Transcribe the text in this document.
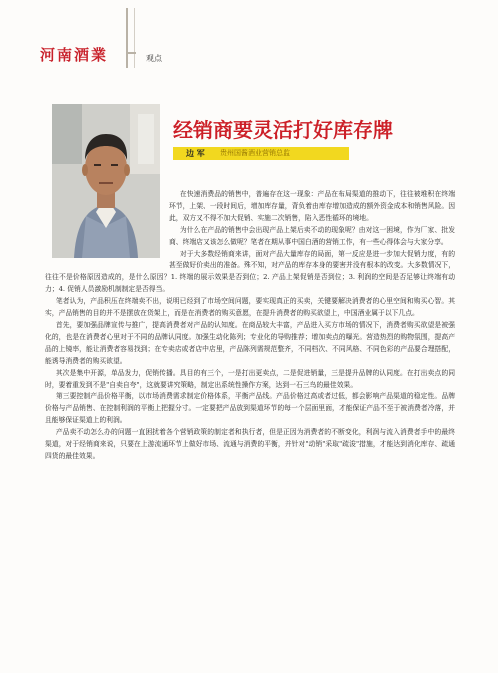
河南酒業	观点
经销商要灵活打好库存牌
边 军 贵州国酱酒业营销总监

在快速消费品的销售中，普遍存在这一现象：产品在布局渠道的推动下，往往被堆积在终端环节，上架、一段时间后，增加库存量，背负着由库存增加造成的额外资金成本和销售风险。因此，双方又不得不加大促销、实施二次销售，陷入恶性循环的境地。

为什么在产品的销售中会出现产品上架后卖不动的现象呢？由对这一困境，作为厂家、批发商、终端店又该怎么做呢？笔者在期从事中国白酒的营销工作，有一些心得体会与大家分享。

对于大多数经销商来讲，面对产品大量库存的局面，第一反应是进一步加大促销力度，有的甚至做好价卖出的准备。殊不知，对产品的库存本身的要害并没有根本的改变。大多数情况下，往往不是价格原因造成的，是什么原因？1. 终端的展示效果是否到位；2. 产品上架促销是否到位；3. 利润的空间是否足够让终端有动力；4. 促销人员激励机制制定是否得当。

笔者认为，产品积压在终端卖不出，说明已经到了市场空间问题，要实现真正的买卖，关键要解决消费者的心里空间和购买心智。其实，产品销售的目的并不是摆放在货架上，而是在消费者的购买意愿，在提升消费者的购买欲望上，中国酒业属于以下几点。

首先，要加强品牌宣传与推广，提高消费者对产品的认知度。在商品较大丰富，产品进入买方市场的情况下，消费者购买欲望是被强化的，也是在消费者心里对于不同的品牌认同度。加强生动化陈列；专业化的导购推荐；增加卖点的曝光。营造热烈的购物氛围，提高产品的上镜率，能让消费者容易找到；在专卖店或者店中店里，产品陈列需规范整齐，不同档次、不同风格、不同色彩的产品要合理搭配，能诱导消费者的购买欲望。

其次是集中开源，单品发力，促销传播。具目的有三个，一是打出更卖点，二是促进销量，三是提升品牌的认同度。在打出卖点的同时，要着重发到不是"自卖自夸"，这就要讲究策略，制定出系统性操作方案，达到一石三鸟的最佳效果。

第三要控制产品价格平衡，以市场消费需求制定价格体系，平衡产品线。产品价格过高或者过低，都会影响产品渠道的稳定性。品牌价格与产品销售、在控制利润的平衡上把握分寸。一定要把产品放到渠道环节的每一个层面里面，才能保证产品不至于被消费者冷落，并且能够保证渠道上的利润。

产品卖不动怎么办的问题一直困扰着各个营销政策的制定者和执行者，但是正因为消费者的不断变化，利润与流入消费者手中的最终渠道，对于经销商来说，只要在上游流通环节上做好市场、流通与消费的平衡，并针对"动销"采取"疏浚"措施，才能达到消化库存、疏通四货的最佳效果。
